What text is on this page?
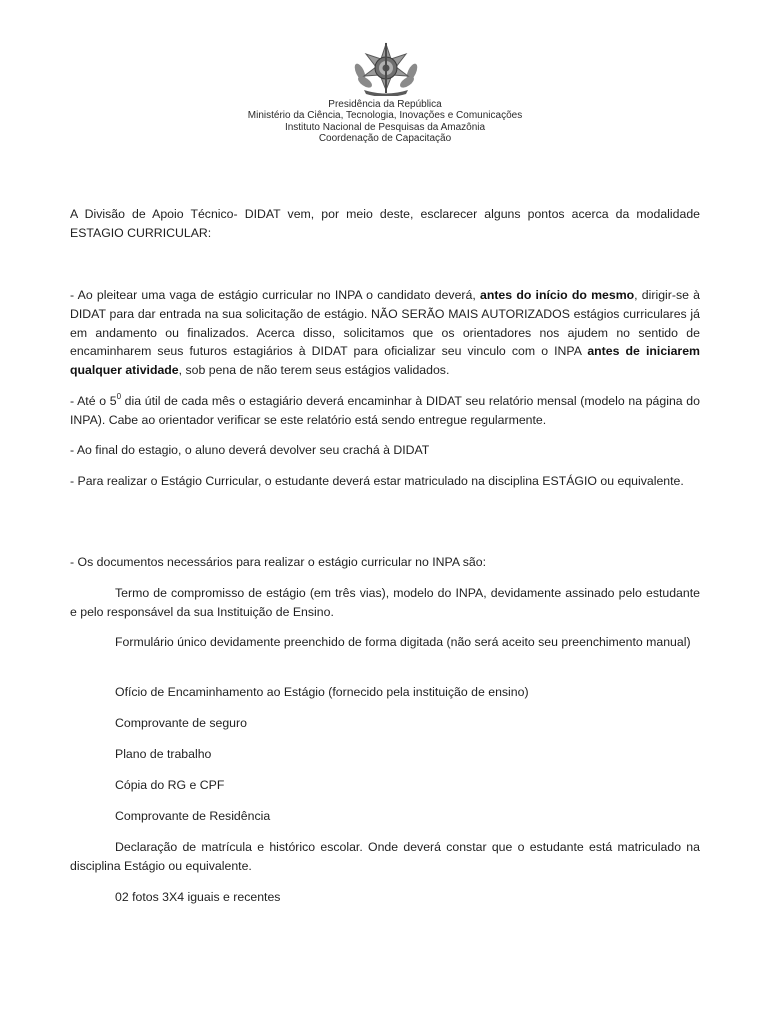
Presidência da República
Ministério da Ciência, Tecnologia, Inovações e Comunicações
Instituto Nacional de Pesquisas da Amazônia
Coordenação de Capacitação

A Divisão de Apoio Técnico- DIDAT vem, por meio deste, esclarecer alguns pontos acerca da modalidade ESTAGIO CURRICULAR:

- Ao pleitear uma vaga de estágio curricular no INPA o candidato deverá, antes do início do mesmo, dirigir-se à DIDAT para dar entrada na sua solicitação de estágio. NÃO SERÃO MAIS AUTORIZADOS estágios curriculares já em andamento ou finalizados. Acerca disso, solicitamos que os orientadores nos ajudem no sentido de encaminharem seus futuros estagiários à DIDAT para oficializar seu vinculo com o INPA antes de iniciarem qualquer atividade, sob pena de não terem seus estágios validados.

- Até o $5^0$ dia útil de cada mês o estagiário deverá encaminhar à DIDAT seu relatório mensal (modelo na página do INPA). Cabe ao orientador verificar se este relatório está sendo entregue regularmente.

- Ao final do estagio, o aluno deverá devolver seu crachá à DIDAT

- Para realizar o Estágio Curricular, o estudante deverá estar matriculado na disciplina ESTÁGIO ou equivalente.

- Os documentos necessários para realizar o estágio curricular no INPA são:

Termo de compromisso de estágio (em três vias), modelo do INPA, devidamente assinado pelo estudante e pelo responsável da sua Instituição de Ensino.

Formulário único devidamente preenchido de forma digitada (não será aceito seu preenchimento manual)

Ofício de Encaminhamento ao Estágio (fornecido pela instituição de ensino)
Comprovante de seguro
Plano de trabalho
Cópia do RG e CPF
Comprovante de Residência

Declaração de matrícula e histórico escolar. Onde deverá constar que o estudante está matriculado na disciplina Estágio ou equivalente.

02 fotos 3X4 iguais e recentes
